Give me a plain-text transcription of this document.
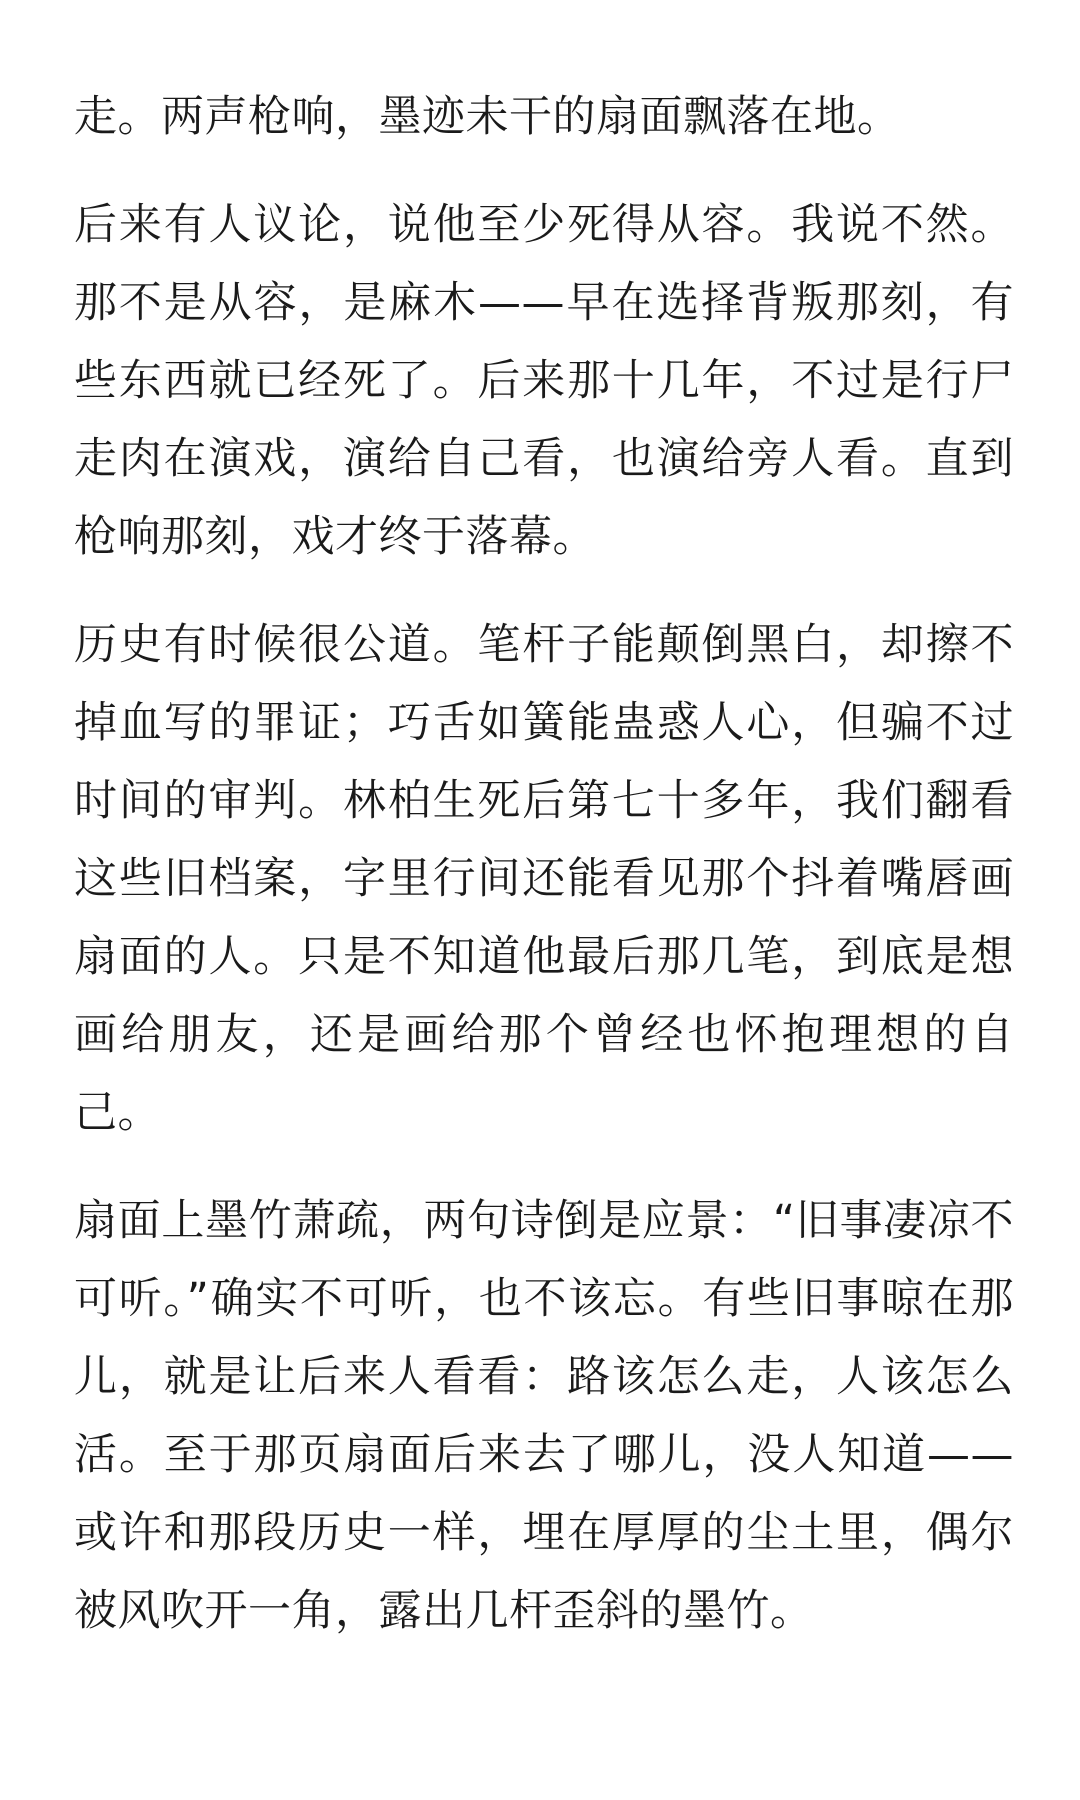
走。两声枪响，墨迹未干的扇面飘落在地。

后来有人议论，说他至少死得从容。我说不然。那不是从容，是麻木——早在选择背叛那刻，有些东西就已经死了。后来那十几年，不过是行尸走肉在演戏，演给自己看，也演给旁人看。直到枪响那刻，戏才终于落幕。

历史有时候很公道。笔杆子能颠倒黑白，却擦不掉血写的罪证；巧舌如簧能蛊惑人心，但骗不过时间的审判。林柏生死后第七十多年，我们翻看这些旧档案，字里行间还能看见那个抖着嘴唇画扇面的人。只是不知道他最后那几笔，到底是想画给朋友，还是画给那个曾经也怀抱理想的自己。

扇面上墨竹萧疏，两句诗倒是应景：“旧事凄凉不可听。”确实不可听，也不该忘。有些旧事晾在那儿，就是让后来人看看：路该怎么走，人该怎么活。至于那页扇面后来去了哪儿，没人知道——或许和那段历史一样，埋在厚厚的尘土里，偶尔被风吹开一角，露出几杆歪斜的墨竹。
